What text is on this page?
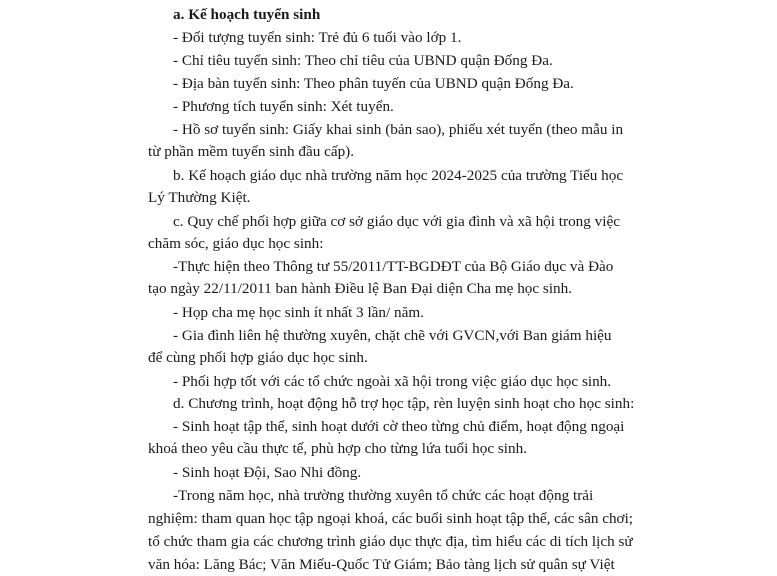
a. Kế hoạch tuyển sinh
- Đối tượng tuyển sinh: Trẻ đủ 6 tuổi vào lớp 1.
- Chỉ tiêu tuyển sinh: Theo chỉ tiêu của UBND quận Đống Đa.
- Địa bàn tuyển sinh: Theo phân tuyến của UBND quận Đống Đa.
- Phương tích tuyển sinh: Xét tuyển.
- Hồ sơ tuyển sinh: Giấy khai sinh (bản sao), phiếu xét tuyển (theo mẫu in
từ phần mềm tuyển sinh đầu cấp).
b. Kế hoạch giáo dục nhà trường năm học 2024-2025 của trường Tiểu học
Lý Thường Kiệt.
c. Quy chế phối hợp giữa cơ sở giáo dục với gia đình và xã hội trong việc
chăm sóc, giáo dục học sinh:
-Thực hiện theo Thông tư 55/2011/TT-BGDĐT của Bộ Giáo dục và Đào
tạo ngày 22/11/2011 ban hành Điều lệ Ban Đại diện Cha mẹ học sinh.
- Họp cha mẹ học sinh ít nhất 3 lần/ năm.
- Gia đình liên hệ thường xuyên, chặt chẽ với GVCN,với Ban giám hiệu
để cùng phối hợp giáo dục học sinh.
- Phối hợp tốt với các tổ chức ngoài xã hội trong việc giáo dục học sinh.
d. Chương trình, hoạt động hỗ trợ học tập, rèn luyện sinh hoạt cho học sinh:
- Sinh hoạt tập thể, sinh hoạt dưới cờ theo từng chủ điểm, hoạt động ngoại
khoá theo yêu cầu thực tế, phù hợp cho từng lứa tuổi học sinh.
- Sinh hoạt Đội, Sao Nhi đồng.
-Trong năm học, nhà trường thường xuyên tổ chức các hoạt động trải
nghiệm: tham quan học tập ngoại khoá, các buổi sinh hoạt tập thể, các sân chơi;
tổ chức tham gia các chương trình giáo dục thực địa, tìm hiểu các di tích lịch sử
văn hóa: Lăng Bác; Văn Miếu-Quốc Tử Giám; Bảo tàng lịch sử quân sự Việt
